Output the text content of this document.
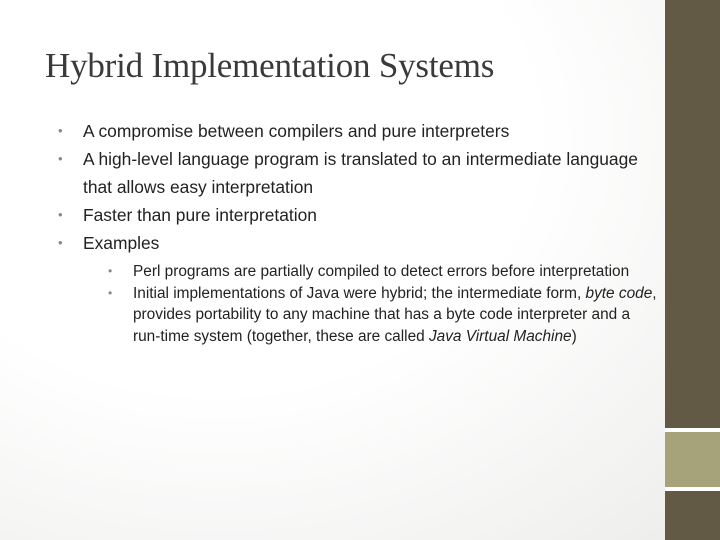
Hybrid Implementation Systems
• A compromise between compilers and pure interpreters
• A high-level language program is translated to an intermediate language that allows easy interpretation
• Faster than pure interpretation
• Examples
• Perl programs are partially compiled to detect errors before interpretation
• Initial implementations of Java were hybrid; the intermediate form, byte code, provides portability to any machine that has a byte code interpreter and a run-time system (together, these are called Java Virtual Machine)
